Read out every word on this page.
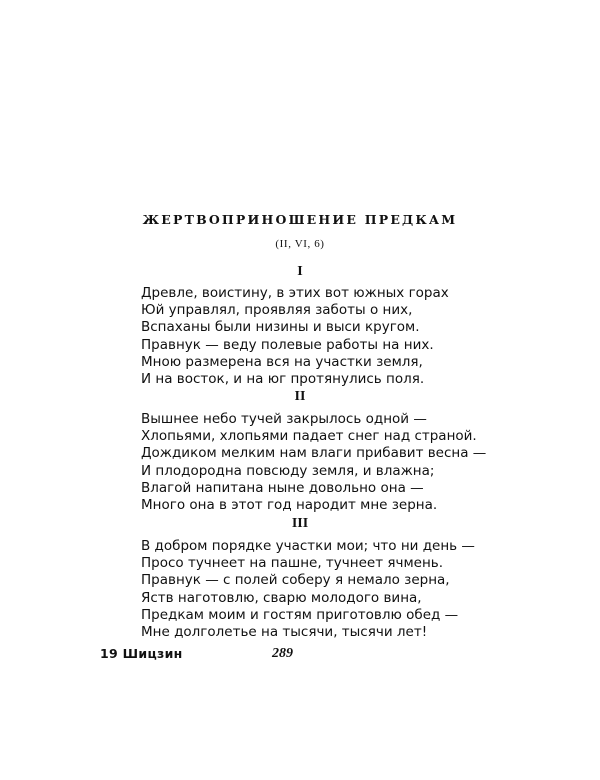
ЖЕРТВОПРИНОШЕНИЕ ПРЕДКАМ
(II, VI, 6)
I
Древле, воистину, в этих вот южных горах
Юй управлял, проявляя заботы о них,
Вспаханы были низины и выси кругом.
Правнук — веду полевые работы на них.
Мною размерена вся на участки земля,
И на восток, и на юг протянулись поля.
II
Вышнее небо тучей закрылось одной —
Хлопьями, хлопьями падает снег над страной.
Дождиком мелким нам влаги прибавит весна —
И плодородна повсюду земля, и влажна;
Влагой напитана ныне довольно она —
Много она в этот год народит мне зерна.
III
В добром порядке участки мои; что ни день —
Просо тучнеет на пашне, тучнеет ячмень.
Правнук — с полей соберу я немало зерна,
Яств наготовлю, сварю молодого вина,
Предкам моим и гостям приготовлю обед —
Мне долголетье на тысячи, тысячи лет!
19 Шицзин	289
